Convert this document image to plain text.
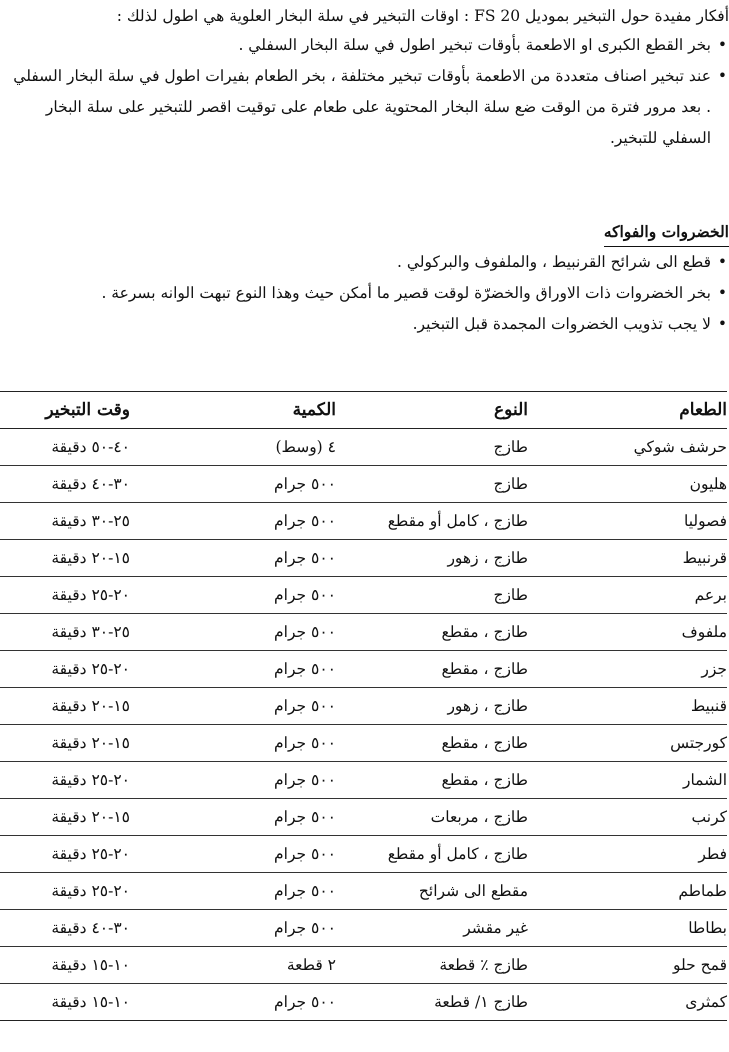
أفكار مفيدة حول التبخير بموديل FS 20 : اوقات التبخير في سلة البخار العلوية هي اطول لذلك :

• بخر القطع الكبرى او الاطعمة بأوقات تبخير اطول في سلة البخار السفلي .
• عند تبخير اصناف متعددة من الاطعمة بأوقات تبخير مختلفة ، بخر الطعام بفيرات اطول في سلة البخار السفلي . بعد مرور فترة من الوقت ضع سلة البخار المحتوية على طعام على توقيت اقصر للتبخير على سلة البخار السفلي للتبخير.
الخضروات والفواكه
• قطع الى شرائح القرنبيط ، والملفوف والبركولي .
• بخر الخضروات ذات الاوراق والخضرّة لوقت قصير ما أمكن حيث وهذا النوع تبهت الوانه بسرعة .
• لا يجب تذويب الخضروات المجمدة قبل التبخير.
الطعام	النوع	الكمية	وقت التبخير
حرشف شوكي	طازج	٤ (وسط)	٤٠-٥٠ دقيقة
هليون	طازج	٥٠٠ جرام	٣٠-٤٠ دقيقة
فصوليا	طازج ، كامل أو مقطع	٥٠٠ جرام	٢٥-٣٠ دقيقة
قرنبيط	طازج ، زهور	٥٠٠ جرام	١٥-٢٠ دقيقة
برعم	طازج	٥٠٠ جرام	٢٠-٢٥ دقيقة
ملفوف	طازج ، مقطع	٥٠٠ جرام	٢٥-٣٠ دقيقة
جزر	طازج ، مقطع	٥٠٠ جرام	٢٠-٢٥ دقيقة
قنبيط	طازج ، زهور	٥٠٠ جرام	١٥-٢٠ دقيقة
كورجتس	طازج ، مقطع	٥٠٠ جرام	١٥-٢٠ دقيقة
الشمار	طازج ، مقطع	٥٠٠ جرام	٢٠-٢٥ دقيقة
كرنب	طازج ، مربعات	٥٠٠ جرام	١٥-٢٠ دقيقة
فطر	طازج ، كامل أو مقطع	٥٠٠ جرام	٢٠-٢٥ دقيقة
طماطم	مقطع الى شرائح	٥٠٠ جرام	٢٠-٢٥ دقيقة
بطاطا	غير مقشر	٥٠٠ جرام	٣٠-٤٠ دقيقة
قمح حلو	طازج ٪ قطعة	٢ قطعة	١٠-١٥ دقيقة
كمثرى	طازج ١/ قطعة	٥٠٠ جرام	١٠-١٥ دقيقة
